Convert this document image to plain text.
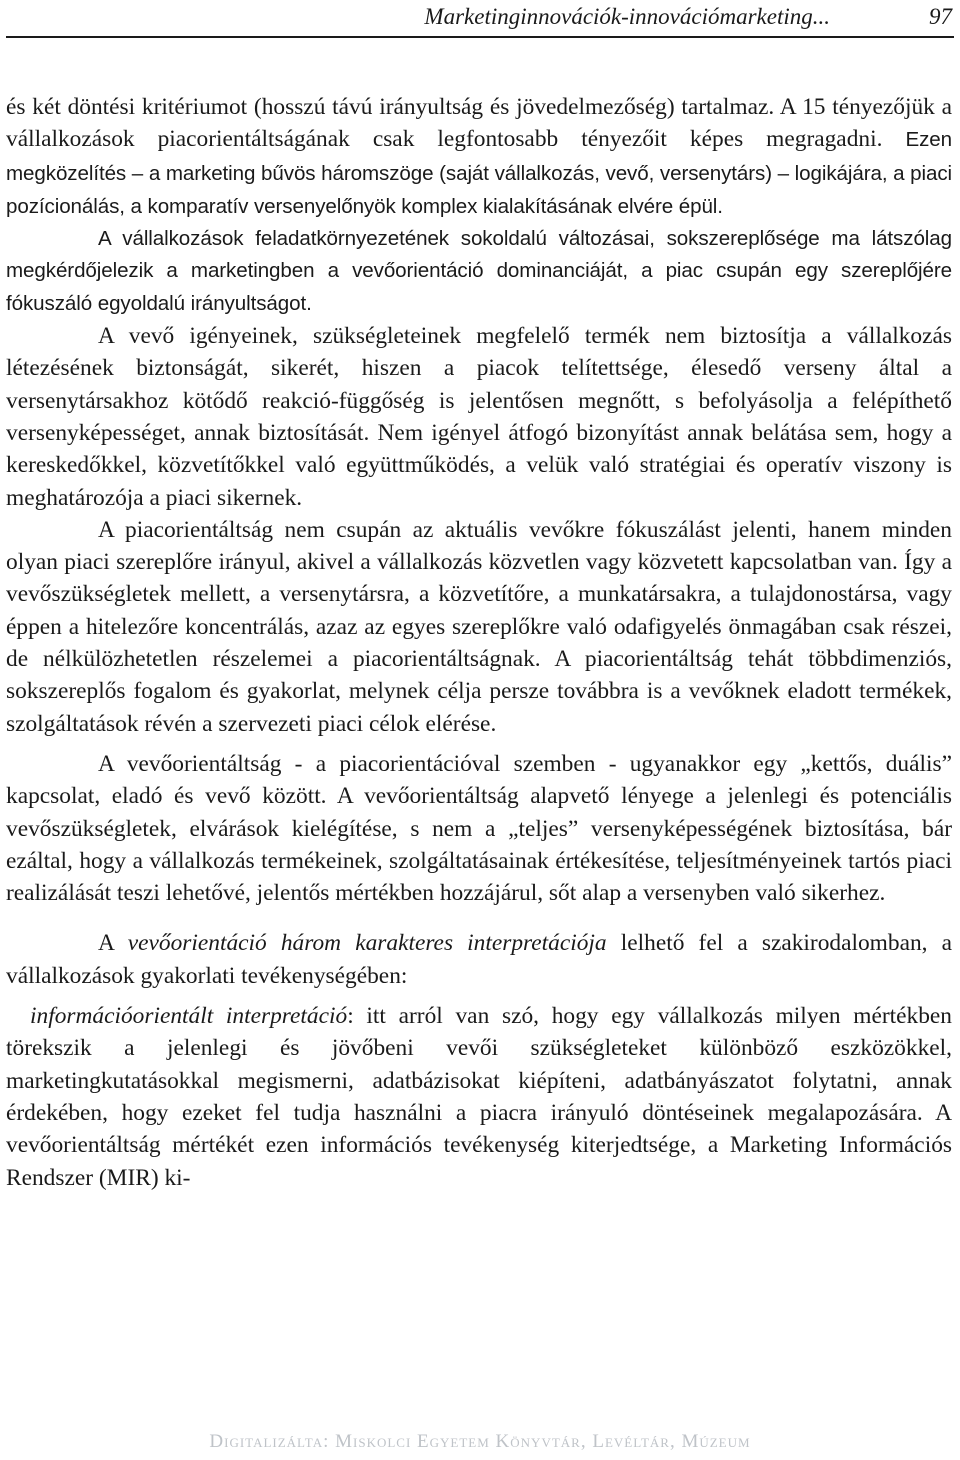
Marketinginnovációk-innovációmarketing...	97

és két döntési kritériumot (hosszú távú irányultság és jövedelmezőség) tartalmaz. A 15 tényezőjük a vállalkozások piacorientáltságának csak legfontosabb tényezőit képes megragadni. Ezen megközelítés – a marketing bűvös háromszöge (saját vállalkozás, vevő, versenytárs) – logikájára, a piaci pozícionálás, a komparatív versenyelőnyök komplex kialakításának elvére épül.

A vállalkozások feladatkörnyezetének sokoldalú változásai, sokszereplősége ma látszólag megkérdőjelezik a marketingben a vevőorientáció dominanciáját, a piac csupán egy szereplőjére fókuszáló egyoldalú irányultságot.

A vevő igényeinek, szükségleteinek megfelelő termék nem biztosítja a vállalkozás létezésének biztonságát, sikerét, hiszen a piacok telítettsége, élesedő verseny által a versenytársakhoz kötődő reakció-függőség is jelentősen megnőtt, s befolyásolja a felépíthető versenyképességet, annak biztosítását. Nem igényel átfogó bizonyítást annak belátása sem, hogy a kereskedőkkel, közvetítőkkel való együttműködés, a velük való stratégiai és operatív viszony is meghatározója a piaci sikernek.

A piacorientáltság nem csupán az aktuális vevőkre fókuszálást jelenti, hanem minden olyan piaci szereplőre irányul, akivel a vállalkozás közvetlen vagy közvetett kapcsolatban van. Így a vevőszükségletek mellett, a versenytársra, a közvetítőre, a munkatársakra, a tulajdonostársa, vagy éppen a hitelezőre koncentrálás, azaz az egyes szereplőkre való odafigyelés önmagában csak részei, de nélkülözhetetlen részelemei a piacorientáltságnak. A piacorientáltság tehát többdimenziós, sokszereplős fogalom és gyakorlat, melynek célja persze továbbra is a vevőknek eladott termékek, szolgáltatások révén a szervezeti piaci célok elérése.

A vevőorientáltság - a piacorientációval szemben - ugyanakkor egy „kettős, duális” kapcsolat, eladó és vevő között. A vevőorientáltság alapvető lényege a jelenlegi és potenciális vevőszükségletek, elvárások kielégítése, s nem a „teljes” versenyképességének biztosítása, bár ezáltal, hogy a vállalkozás termékeinek, szolgáltatásainak értékesítése, teljesítményeinek tartós piaci realizálását teszi lehetővé, jelentős mértékben hozzájárul, sőt alap a versenyben való sikerhez.

A vevőorientáció három karakteres interpretációja lelhető fel a szakirodalomban, a vállalkozások gyakorlati tevékenységében:

információorientált interpretáció: itt arról van szó, hogy egy vállalkozás milyen mértékben törekszik a jelenlegi és jövőbeni vevői szükségleteket különböző eszközökkel, marketingkutatásokkal megismerni, adatbázisokat kiépíteni, adatbányászatot folytatni, annak érdekében, hogy ezeket fel tudja használni a piacra irányuló döntéseinek megalapozására. A vevőorientáltság mértékét ezen információs tevékenység kiterjedtsége, a Marketing Információs Rendszer (MIR) ki-

Digitalizálta: Miskolci Egyetem Könyvtár, Levéltár, Múzeum
